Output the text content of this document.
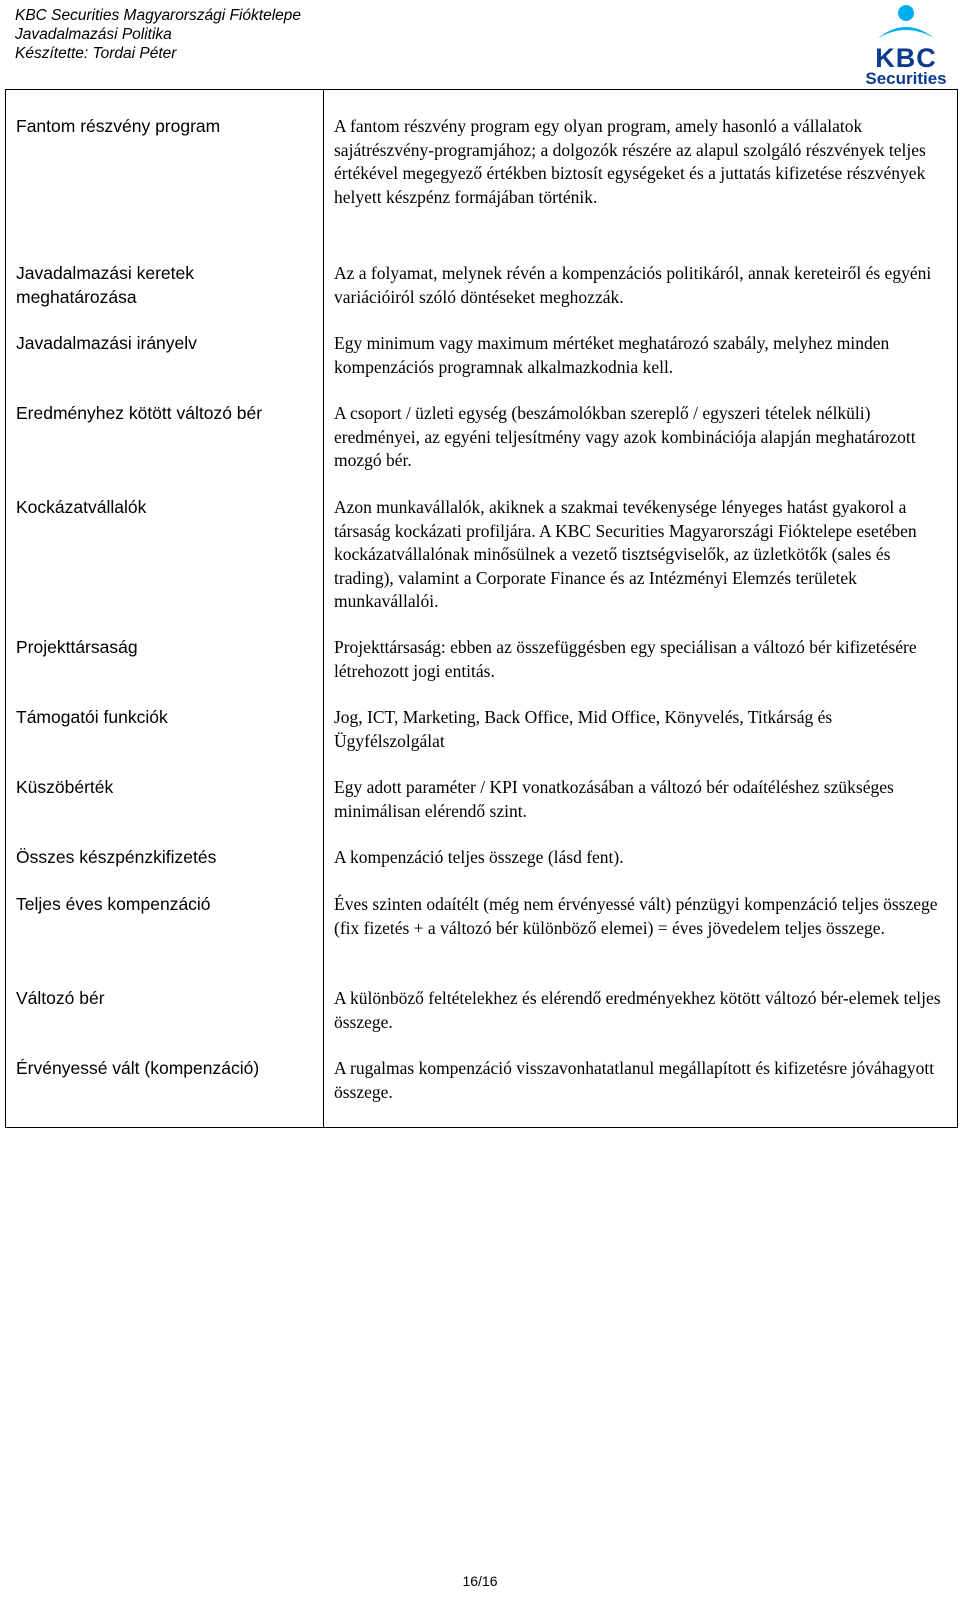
KBC Securities Magyarországi Fióktelepe
Javadalmazási Politika
Készítette: Tordai Péter	KBC
Securities
Fantom részvény program	A fantom részvény program egy olyan program, amely hasonló a vállalatok sajátrészvény-programjához; a dolgozók részére az alapul szolgáló részvények teljes értékével megegyező értékben biztosít egységeket és a juttatás kifizetése részvények helyett készpénz formájában történik.
Javadalmazási keretek meghatározása	Az a folyamat, melynek révén a kompenzációs politikáról, annak kereteiről és egyéni variációiról szóló döntéseket meghozzák.
Javadalmazási irányelv	Egy minimum vagy maximum mértéket meghatározó szabály, melyhez minden kompenzációs programnak alkalmazkodnia kell.
Eredményhez kötött változó bér	A csoport / üzleti egység (beszámolókban szereplő / egyszeri tételek nélküli) eredményei, az egyéni teljesítmény vagy azok kombinációja alapján meghatározott mozgó bér.
Kockázatvállalók	Azon munkavállalók, akiknek a szakmai tevékenysége lényeges hatást gyakorol a társaság kockázati profiljára. A KBC Securities Magyarországi Fióktelepe esetében kockázatvállalónak minősülnek a vezető tisztségviselők, az üzletkötők (sales és trading), valamint a Corporate Finance és az Intézményi Elemzés területek munkavállalói.
Projekttársaság	Projekttársaság: ebben az összefüggésben egy speciálisan a változó bér kifizetésére létrehozott jogi entitás.
Támogatói funkciók	Jog, ICT, Marketing, Back Office, Mid Office, Könyvelés, Titkárság és Ügyfélszolgálat
Küszöbérték	Egy adott paraméter / KPI vonatkozásában a változó bér odaítéléshez szükséges minimálisan elérendő szint.
Összes készpénzkifizetés	A kompenzáció teljes összege (lásd fent).
Teljes éves kompenzáció	Éves szinten odaítélt (még nem érvényessé vált) pénzügyi kompenzáció teljes összege (fix fizetés + a változó bér különböző elemei) = éves jövedelem teljes összege.
Változó bér	A különböző feltételekhez és elérendő eredményekhez kötött változó bér-elemek teljes összege.
Érvényessé vált (kompenzáció)	A rugalmas kompenzáció visszavonhatatlanul megállapított és kifizetésre jóváhagyott összege.
16/16
